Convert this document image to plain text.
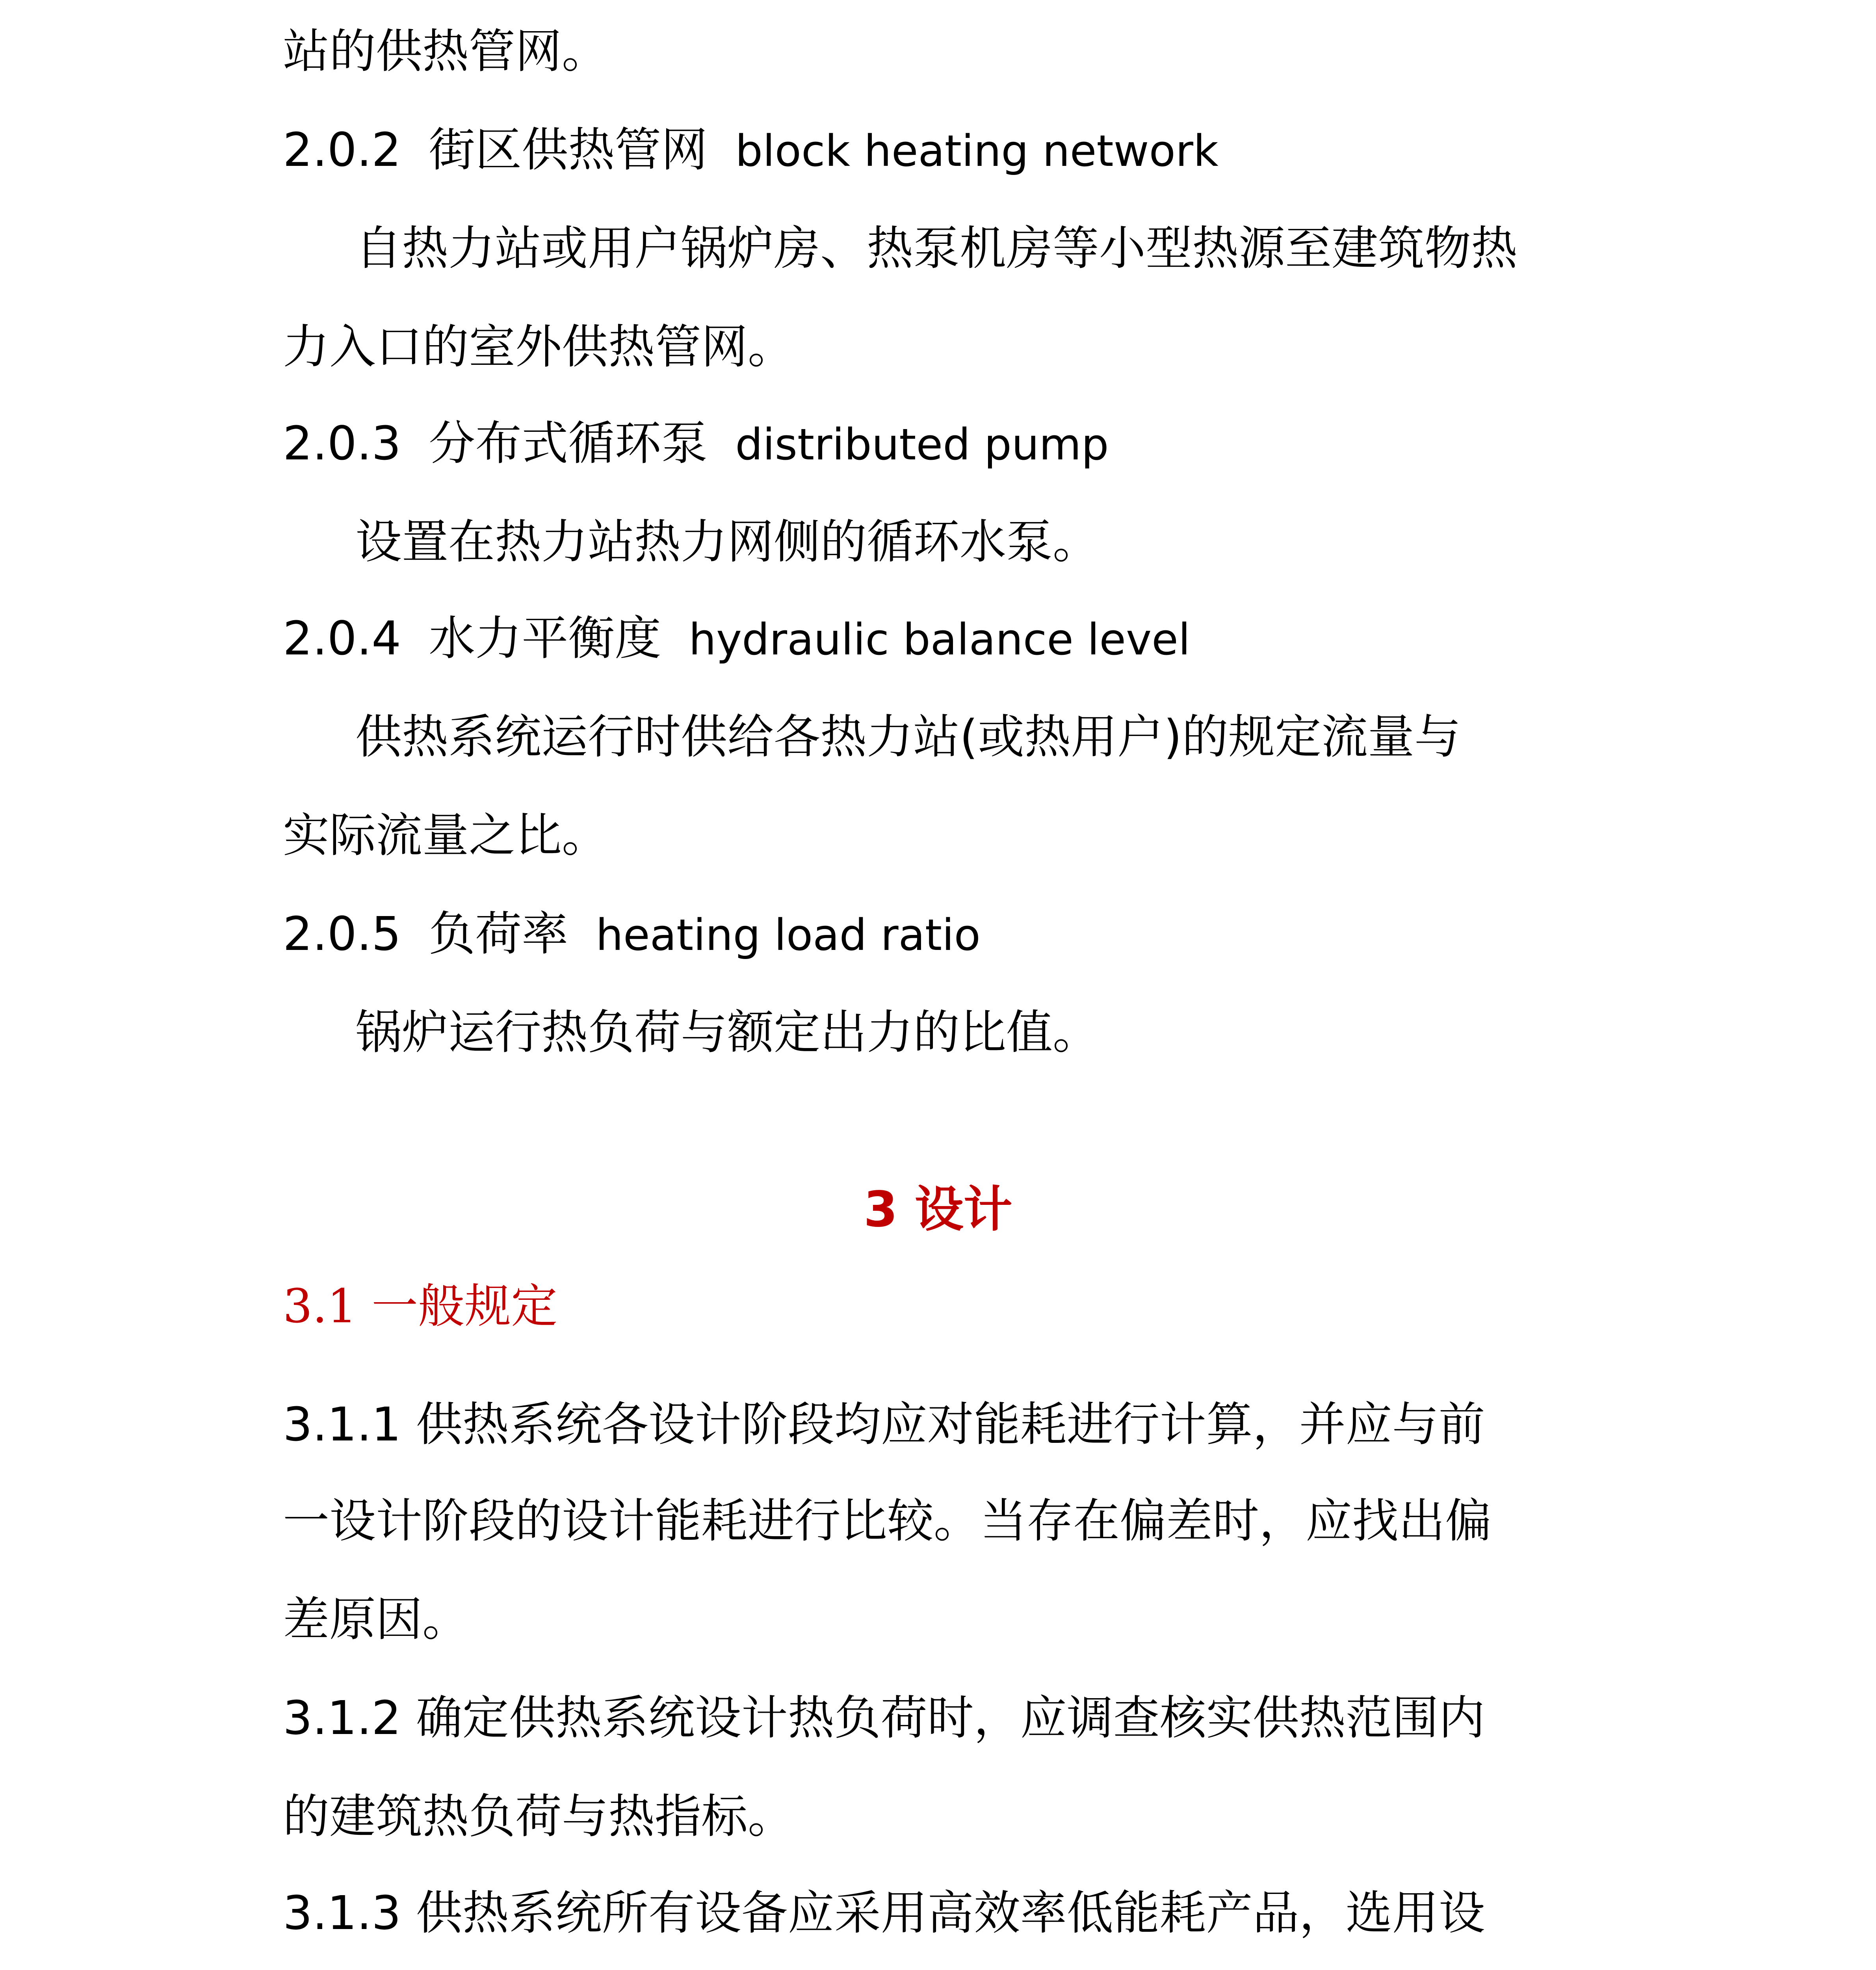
站的供热管网。
2.0.2 街区供热管网 block heating network
自热力站或用户锅炉房、热泵机房等小型热源至建筑物热
力入口的室外供热管网。
2.0.3 分布式循环泵 distributed pump
设置在热力站热力网侧的循环水泵。
2.0.4 水力平衡度 hydraulic balance level
供热系统运行时供给各热力站(或热用户)的规定流量与
实际流量之比。
2.0.5 负荷率 heating load ratio
锅炉运行热负荷与额定出力的比值。
3 设计
3.1 一般规定
3.1.1 供热系统各设计阶段均应对能耗进行计算，并应与前
一设计阶段的设计能耗进行比较。当存在偏差时，应找出偏
差原因。
3.1.2 确定供热系统设计热负荷时，应调查核实供热范围内
的建筑热负荷与热指标。
3.1.3 供热系统所有设备应采用高效率低能耗产品，选用设
